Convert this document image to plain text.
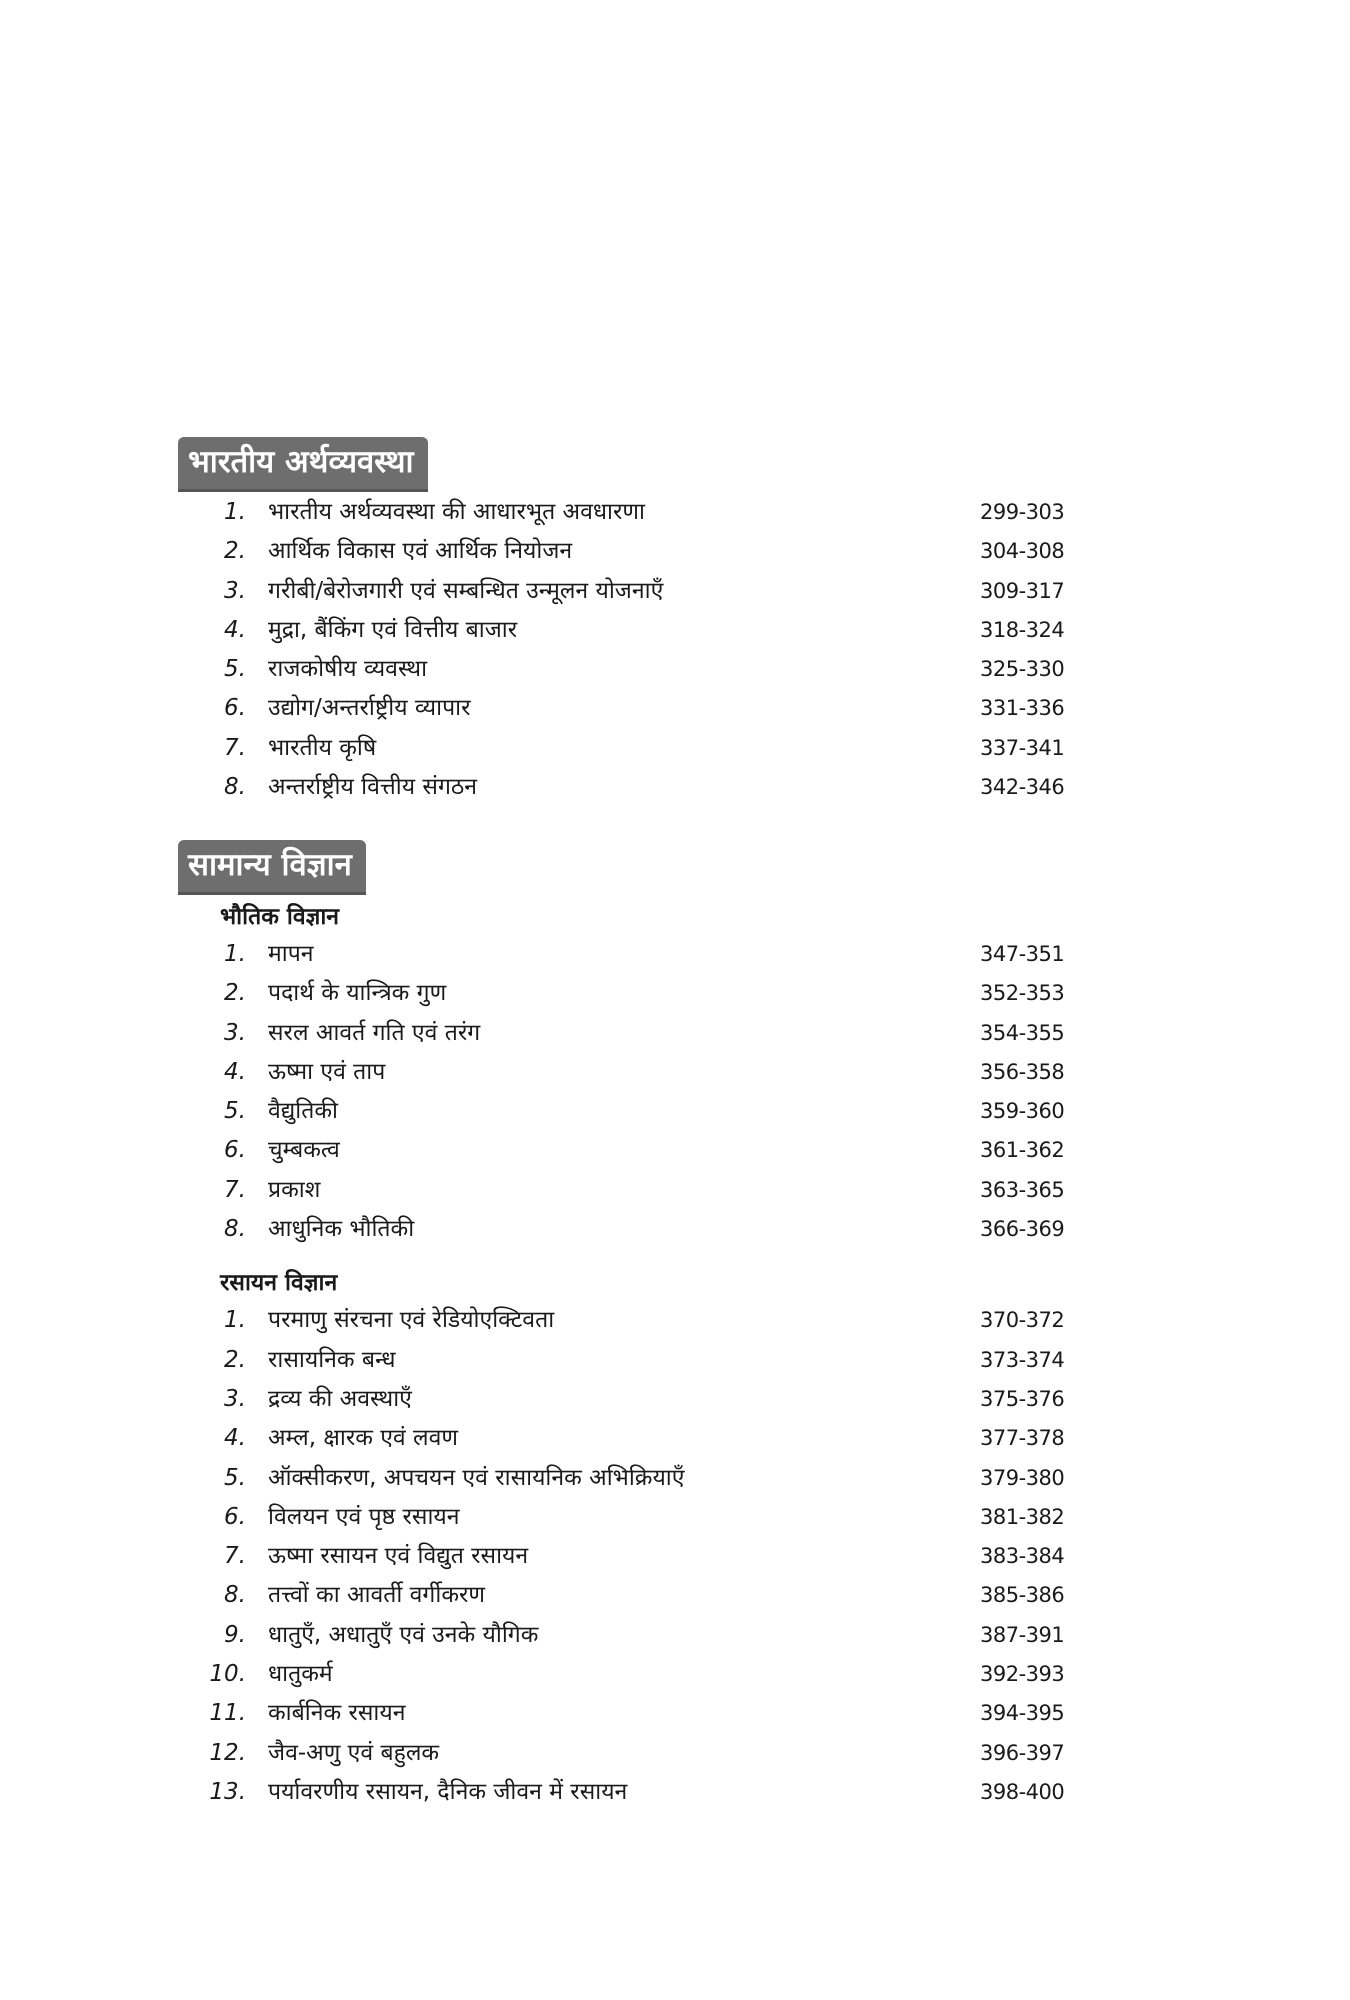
भारतीय अर्थव्यवस्था
1. भारतीय अर्थव्यवस्था की आधारभूत अवधारणा	299-303
2. आर्थिक विकास एवं आर्थिक नियोजन	304-308
3. गरीबी/बेरोजगारी एवं सम्बन्धित उन्मूलन योजनाएँ	309-317
4. मुद्रा, बैंकिंग एवं वित्तीय बाजार	318-324
5. राजकोषीय व्यवस्था	325-330
6. उद्योग/अन्तर्राष्ट्रीय व्यापार	331-336
7. भारतीय कृषि	337-341
8. अन्तर्राष्ट्रीय वित्तीय संगठन	342-346
सामान्य विज्ञान
भौतिक विज्ञान
1. मापन	347-351
2. पदार्थ के यान्त्रिक गुण	352-353
3. सरल आवर्त गति एवं तरंग	354-355
4. ऊष्मा एवं ताप	356-358
5. वैद्युतिकी	359-360
6. चुम्बकत्व	361-362
7. प्रकाश	363-365
8. आधुनिक भौतिकी	366-369
रसायन विज्ञान
1. परमाणु संरचना एवं रेडियोएक्टिवता	370-372
2. रासायनिक बन्ध	373-374
3. द्रव्य की अवस्थाएँ	375-376
4. अम्ल, क्षारक एवं लवण	377-378
5. ऑक्सीकरण, अपचयन एवं रासायनिक अभिक्रियाएँ	379-380
6. विलयन एवं पृष्ठ रसायन	381-382
7. ऊष्मा रसायन एवं विद्युत रसायन	383-384
8. तत्त्वों का आवर्ती वर्गीकरण	385-386
9. धातुएँ, अधातुएँ एवं उनके यौगिक	387-391
10. धातुकर्म	392-393
11. कार्बनिक रसायन	394-395
12. जैव-अणु एवं बहुलक	396-397
13. पर्यावरणीय रसायन, दैनिक जीवन में रसायन	398-400
